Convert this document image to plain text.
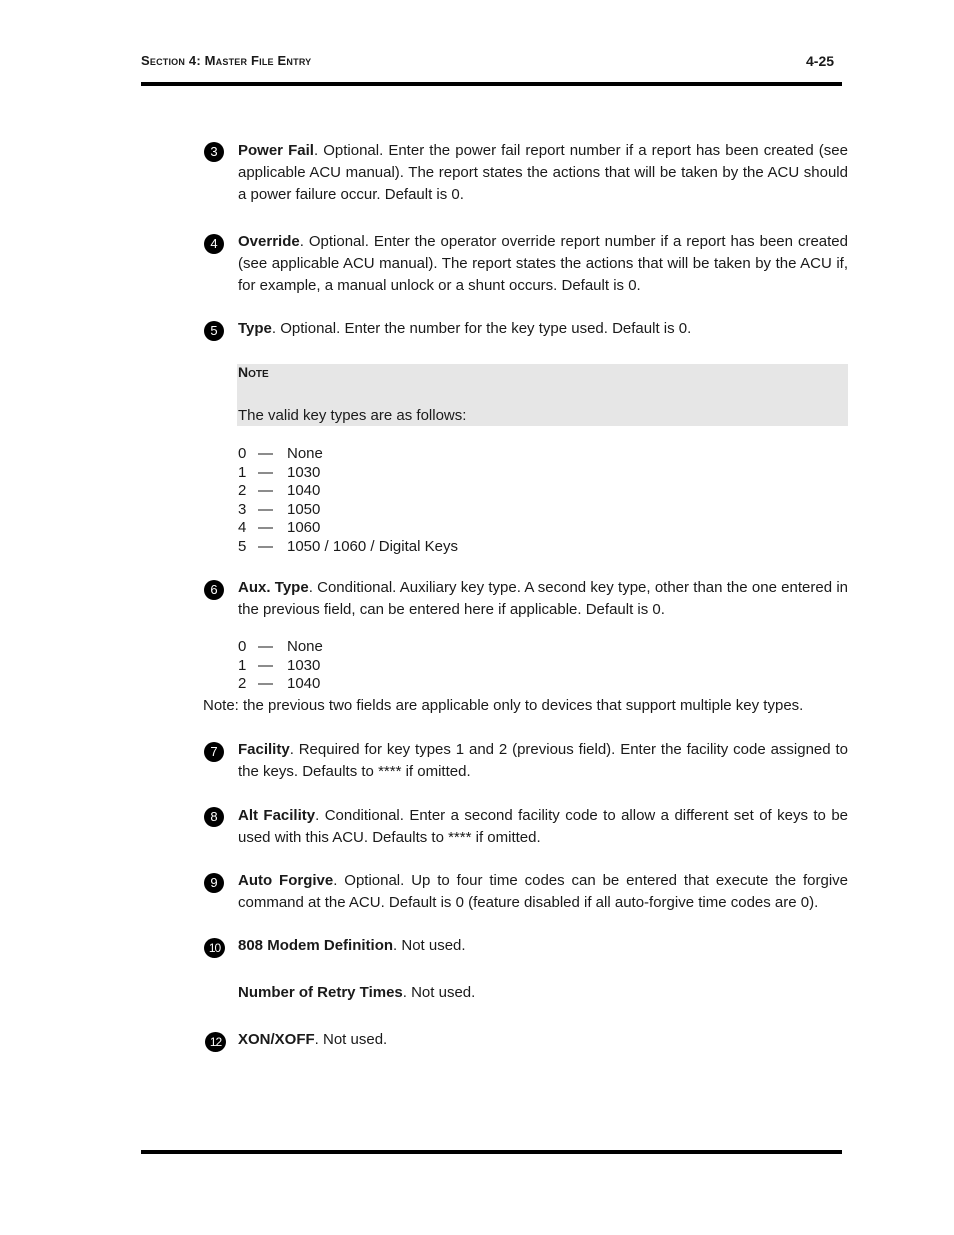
Section 4: Master File Entry	4-25
3	Power Fail. Optional. Enter the power fail report number if a report has been created (see applicable ACU manual). The report states the actions that will be taken by the ACU should a power failure occur. Default is 0.
4	Override. Optional. Enter the operator override report number if a report has been created (see applicable ACU manual). The report states the actions that will be taken by the ACU if, for example, a manual unlock or a shunt occurs. Default is 0.
5	Type. Optional. Enter the number for the key type used. Default is 0.
Note
The valid key types are as follows:
0 — None
1 — 1030
2 — 1040
3 — 1050
4 — 1060
5 — 1050 / 1060 / Digital Keys
6	Aux. Type. Conditional. Auxiliary key type. A second key type, other than the one entered in the previous field, can be entered here if applicable. Default is 0.
0 — None
1 — 1030
2 — 1040
Note: the previous two fields are applicable only to devices that support multiple key types.
7	Facility. Required for key types 1 and 2 (previous field). Enter the facility code assigned to the keys. Defaults to **** if omitted.
8	Alt Facility. Conditional. Enter a second facility code to allow a different set of keys to be used with this ACU. Defaults to **** if omitted.
9	Auto Forgive. Optional. Up to four time codes can be entered that execute the forgive command at the ACU. Default is 0 (feature disabled if all auto-forgive time codes are 0).
10	808 Modem Definition. Not used.
Number of Retry Times. Not used.
12	XON/XOFF. Not used.
